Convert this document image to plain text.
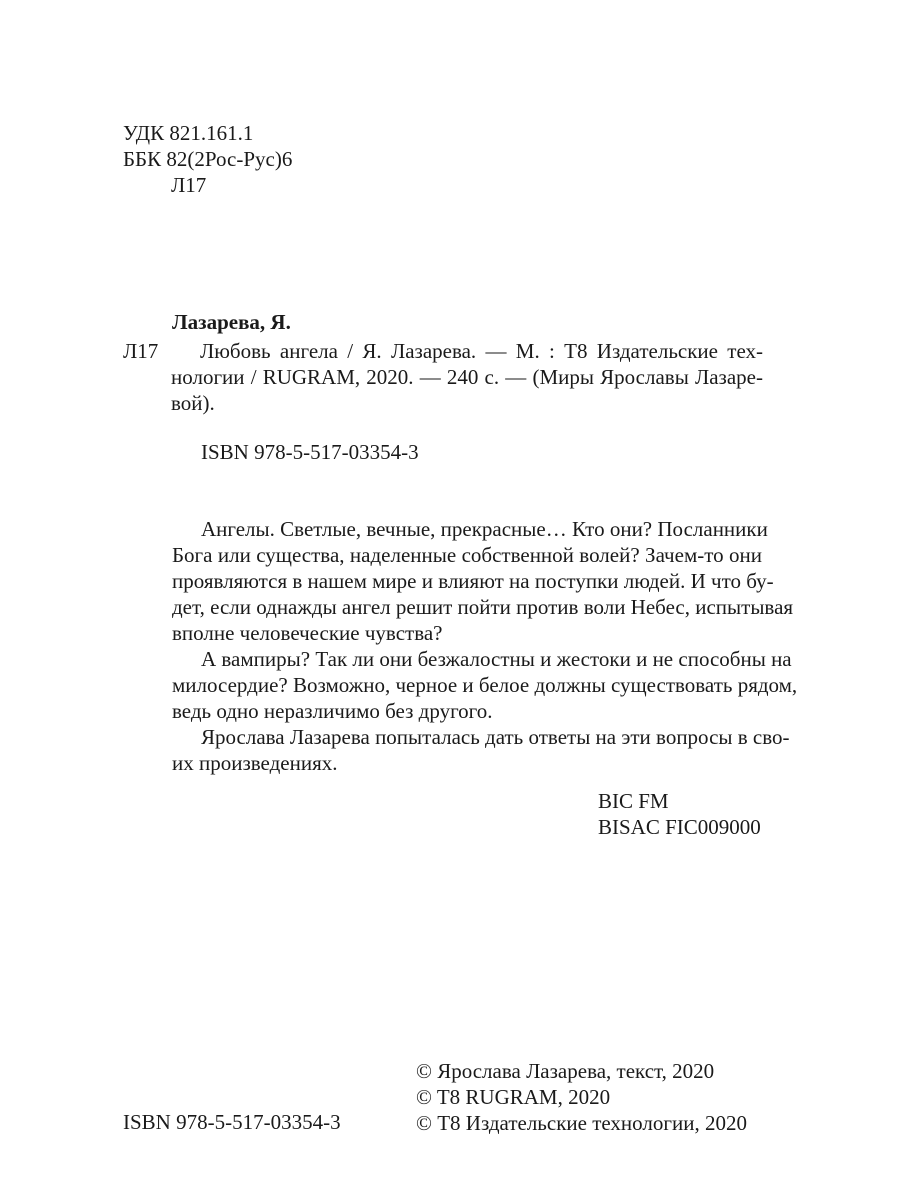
УДК 821.161.1
ББК 82(2Рос-Рус)6
Л17
Лазарева, Я.
Л17 Любовь ангела / Я. Лазарева. — М. : Т8 Издательские тех-
нологии / RUGRAM, 2020. — 240 с. — (Миры Ярославы Лазаре-
вой).
ISBN 978-5-517-03354-3
Ангелы. Светлые, вечные, прекрасные… Кто они? Посланники
Бога или существа, наделенные собственной волей? Зачем-то они
проявляются в нашем мире и влияют на поступки людей. И что бу-
дет, если однажды ангел решит пойти против воли Небес, испытывая
вполне человеческие чувства?
А вампиры? Так ли они безжалостны и жестоки и не способны на
милосердие? Возможно, черное и белое должны существовать рядом,
ведь одно неразличимо без другого.
Ярослава Лазарева попыталась дать ответы на эти вопросы в сво-
их произведениях.
BIC FM
BISAC FIC009000
© Ярослава Лазарева, текст, 2020
© T8 RUGRAM, 2020
© Т8 Издательские технологии, 2020
ISBN 978-5-517-03354-3
